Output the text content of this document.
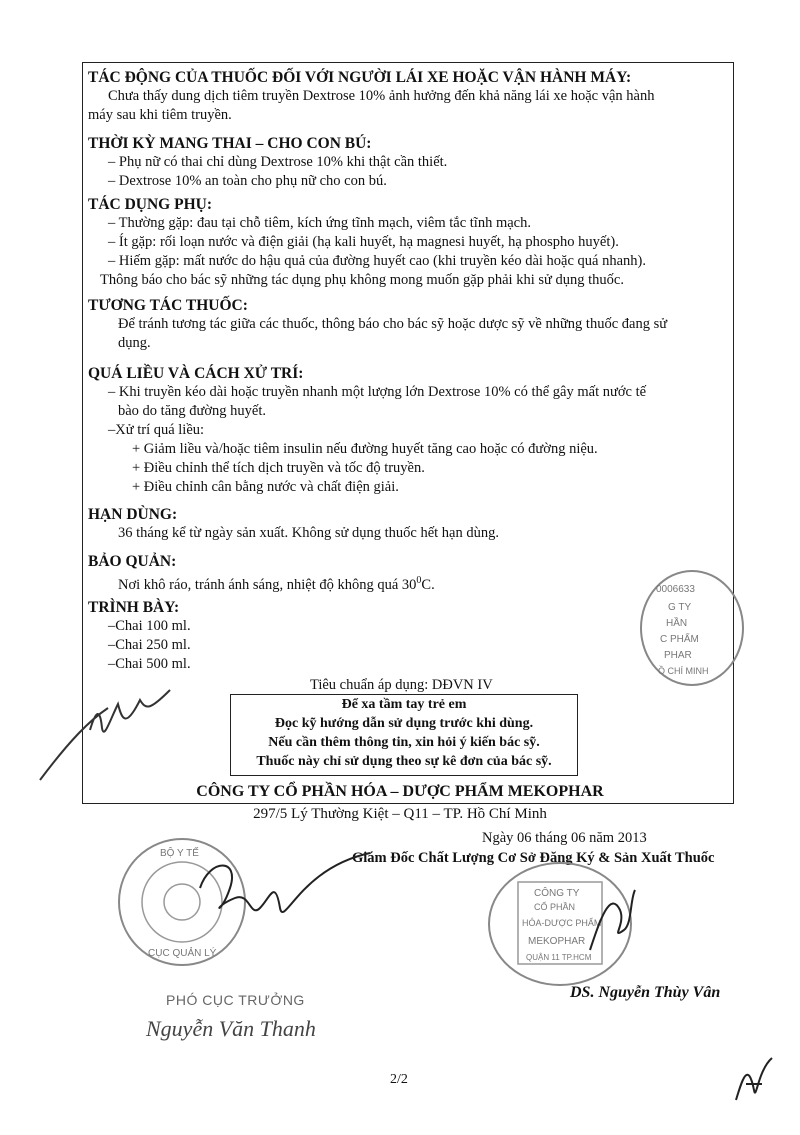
TÁC ĐỘNG CỦA THUỐC ĐỐI VỚI NGƯỜI LÁI XE HOẶC VẬN HÀNH MÁY:

Chưa thấy dung dịch tiêm truyền Dextrose 10% ảnh hưởng đến khả năng lái xe hoặc vận hành

máy sau khi tiêm truyền.

THỜI KỲ MANG THAI – CHO CON BÚ:

– Phụ nữ có thai chỉ dùng Dextrose 10% khi thật cần thiết.

– Dextrose 10% an toàn cho phụ nữ cho con bú.

TÁC DỤNG PHỤ:

– Thường gặp: đau tại chỗ tiêm, kích ứng tĩnh mạch, viêm tắc tĩnh mạch.

– Ít gặp: rối loạn nước và điện giải (hạ kali huyết, hạ magnesi huyết, hạ phospho huyết).

– Hiếm gặp: mất nước do hậu quả của đường huyết cao (khi truyền kéo dài hoặc quá nhanh).

Thông báo cho bác sỹ những tác dụng phụ không mong muốn gặp phải khi sử dụng thuốc.

TƯƠNG TÁC THUỐC:

Để tránh tương tác giữa các thuốc, thông báo cho bác sỹ hoặc dược sỹ về những thuốc đang sử

dụng.

QUÁ LIỀU VÀ CÁCH XỬ TRÍ:

– Khi truyền kéo dài hoặc truyền nhanh một lượng lớn Dextrose 10% có thể gây mất nước tế

bào do tăng đường huyết.

–Xử trí quá liều:

+ Giảm liều và/hoặc tiêm insulin nếu đường huyết tăng cao hoặc có đường niệu.

+ Điều chỉnh thể tích dịch truyền và tốc độ truyền.

+ Điều chỉnh cân bằng nước và chất điện giải.

HẠN DÙNG:

36 tháng kể từ ngày sản xuất. Không sử dụng thuốc hết hạn dùng.

BẢO QUẢN:

Nơi khô ráo, tránh ánh sáng, nhiệt độ không quá $30^0C$.

TRÌNH BÀY:

–Chai 100 ml.

–Chai 250 ml.

–Chai 500 ml.

Tiêu chuẩn áp dụng: DĐVN IV
Để xa tầm tay trẻ em
Đọc kỹ hướng dẫn sử dụng trước khi dùng.
Nếu cần thêm thông tin, xin hỏi ý kiến bác sỹ.
Thuốc này chỉ sử dụng theo sự kê đơn của bác sỹ.
CÔNG TY CỔ PHẦN HÓA – DƯỢC PHẨM MEKOPHAR
297/5 Lý Thường Kiệt – Q11 – TP. Hồ Chí Minh
Ngày 06 tháng 06 năm 2013
Giám Đốc Chất Lượng Cơ Sở Đăng Ký & Sản Xuất Thuốc
0006633
G TY
HẦN
C PHẨM
PHAR
Ồ CHÍ MINH
BỘ Y TẾ
CỤC QUẢN LÝ
CÔNG TY
CỔ PHẦN
HÓA-DƯỢC PHẨM
MEKOPHAR
QUẬN 11 TP.HCM
DS. Nguyễn Thùy Vân
PHÓ CỤC TRƯỞNG
Nguyễn Văn Thanh
2/2
